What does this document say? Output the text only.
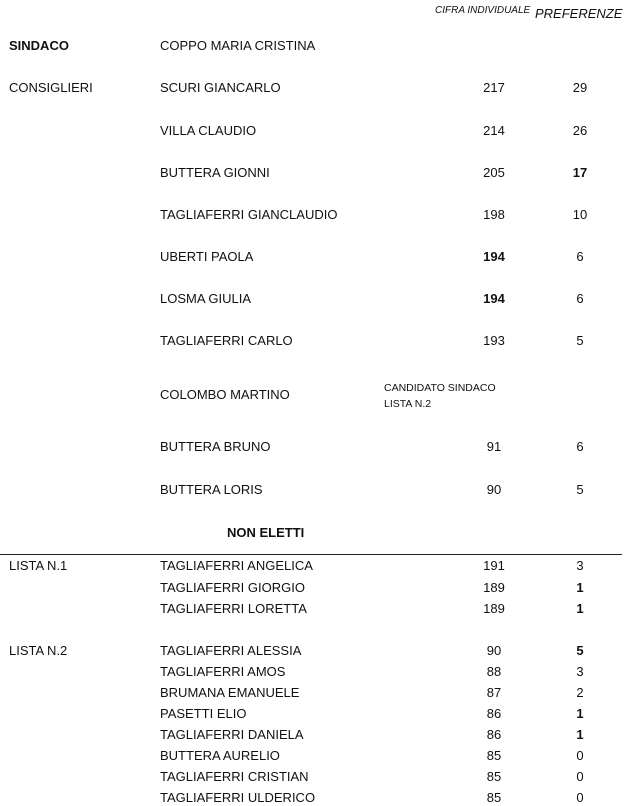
CIFRA INDIVIDUALE PREFERENZE
SINDACO	COPPO MARIA CRISTINA
CONSIGLIERI	SCURI GIANCARLO	217	29
VILLA CLAUDIO	214	26
BUTTERA GIONNI	205	17
TAGLIAFERRI GIANCLAUDIO	198	10
UBERTI PAOLA	194	6
LOSMA GIULIA	194	6
TAGLIAFERRI CARLO	193	5
COLOMBO MARTINO	CANDIDATO SINDACO
LISTA N.2
BUTTERA BRUNO	91	6
BUTTERA LORIS	90	5
NON ELETTI
LISTA N.1	TAGLIAFERRI ANGELICA	191	3
TAGLIAFERRI GIORGIO	189	1
TAGLIAFERRI LORETTA	189	1
LISTA N.2	TAGLIAFERRI ALESSIA	90	5
TAGLIAFERRI AMOS	88	3
BRUMANA EMANUELE	87	2
PASETTI ELIO	86	1
TAGLIAFERRI DANIELA	86	1
BUTTERA AURELIO	85	0
TAGLIAFERRI CRISTIAN	85	0
TAGLIAFERRI ULDERICO	85	0
